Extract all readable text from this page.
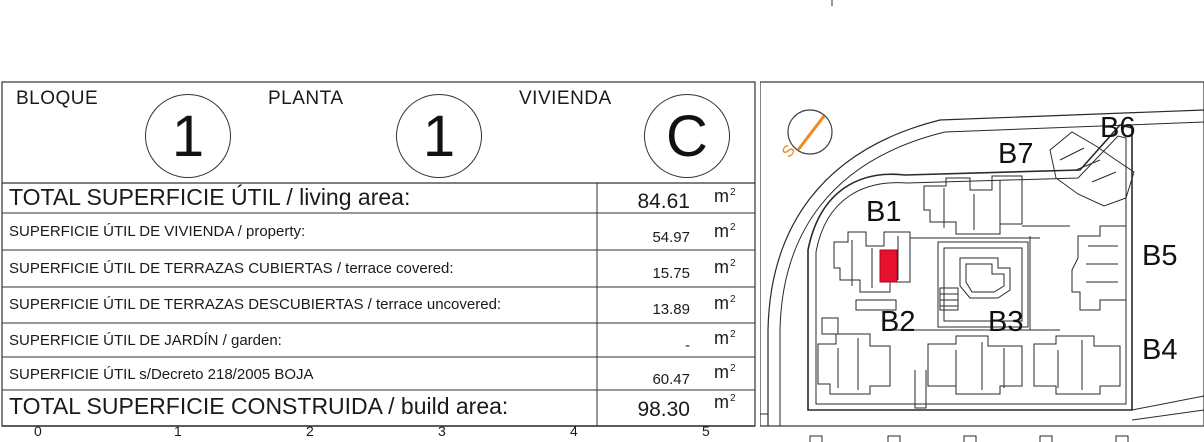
BLOQUE
1
PLANTA
1
VIVIENDA
C
TOTAL SUPERFICIE ÚTIL / living area:	84.61 $m^2$
SUPERFICIE ÚTIL DE VIVIENDA / property:	54.97 $m^2$
SUPERFICIE ÚTIL DE TERRAZAS CUBIERTAS / terrace covered:	15.75 $m^2$
SUPERFICIE ÚTIL DE TERRAZAS DESCUBIERTAS / terrace uncovered:	13.89 $m^2$
SUPERFICIE ÚTIL DE JARDÍN / garden:	- $m^2$
SUPERFICIE ÚTIL s/Decreto 218/2005 BOJA	60.47 $m^2$
TOTAL SUPERFICIE CONSTRUIDA / build area:	98.30 $m^2$
0	1	2	3	4	5
S
B1
B2	B3
B4
B5
B6
B7
